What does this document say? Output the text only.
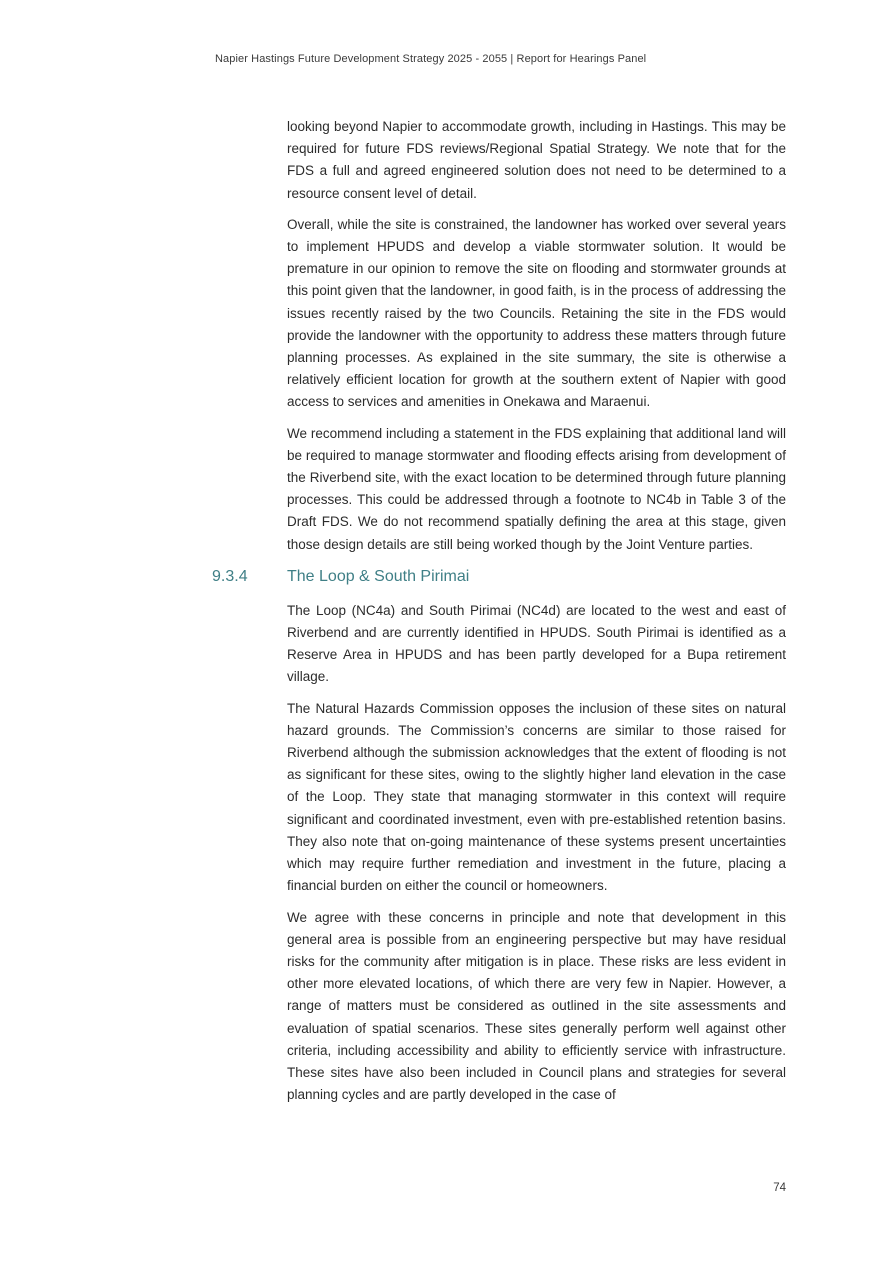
Napier Hastings Future Development Strategy 2025 - 2055 | Report for Hearings Panel

looking beyond Napier to accommodate growth, including in Hastings. This may be required for future FDS reviews/Regional Spatial Strategy. We note that for the FDS a full and agreed engineered solution does not need to be determined to a resource consent level of detail.

Overall, while the site is constrained, the landowner has worked over several years to implement HPUDS and develop a viable stormwater solution. It would be premature in our opinion to remove the site on flooding and stormwater grounds at this point given that the landowner, in good faith, is in the process of addressing the issues recently raised by the two Councils. Retaining the site in the FDS would provide the landowner with the opportunity to address these matters through future planning processes. As explained in the site summary, the site is otherwise a relatively efficient location for growth at the southern extent of Napier with good access to services and amenities in Onekawa and Maraenui.

We recommend including a statement in the FDS explaining that additional land will be required to manage stormwater and flooding effects arising from development of the Riverbend site, with the exact location to be determined through future planning processes. This could be addressed through a footnote to NC4b in Table 3 of the Draft FDS. We do not recommend spatially defining the area at this stage, given those design details are still being worked though by the Joint Venture parties.

9.3.4 The Loop & South Pirimai

The Loop (NC4a) and South Pirimai (NC4d) are located to the west and east of Riverbend and are currently identified in HPUDS. South Pirimai is identified as a Reserve Area in HPUDS and has been partly developed for a Bupa retirement village.

The Natural Hazards Commission opposes the inclusion of these sites on natural hazard grounds. The Commission’s concerns are similar to those raised for Riverbend although the submission acknowledges that the extent of flooding is not as significant for these sites, owing to the slightly higher land elevation in the case of the Loop. They state that managing stormwater in this context will require significant and coordinated investment, even with pre-established retention basins. They also note that on-going maintenance of these systems present uncertainties which may require further remediation and investment in the future, placing a financial burden on either the council or homeowners.

We agree with these concerns in principle and note that development in this general area is possible from an engineering perspective but may have residual risks for the community after mitigation is in place. These risks are less evident in other more elevated locations, of which there are very few in Napier. However, a range of matters must be considered as outlined in the site assessments and evaluation of spatial scenarios. These sites generally perform well against other criteria, including accessibility and ability to efficiently service with infrastructure. These sites have also been included in Council plans and strategies for several planning cycles and are partly developed in the case of

74
